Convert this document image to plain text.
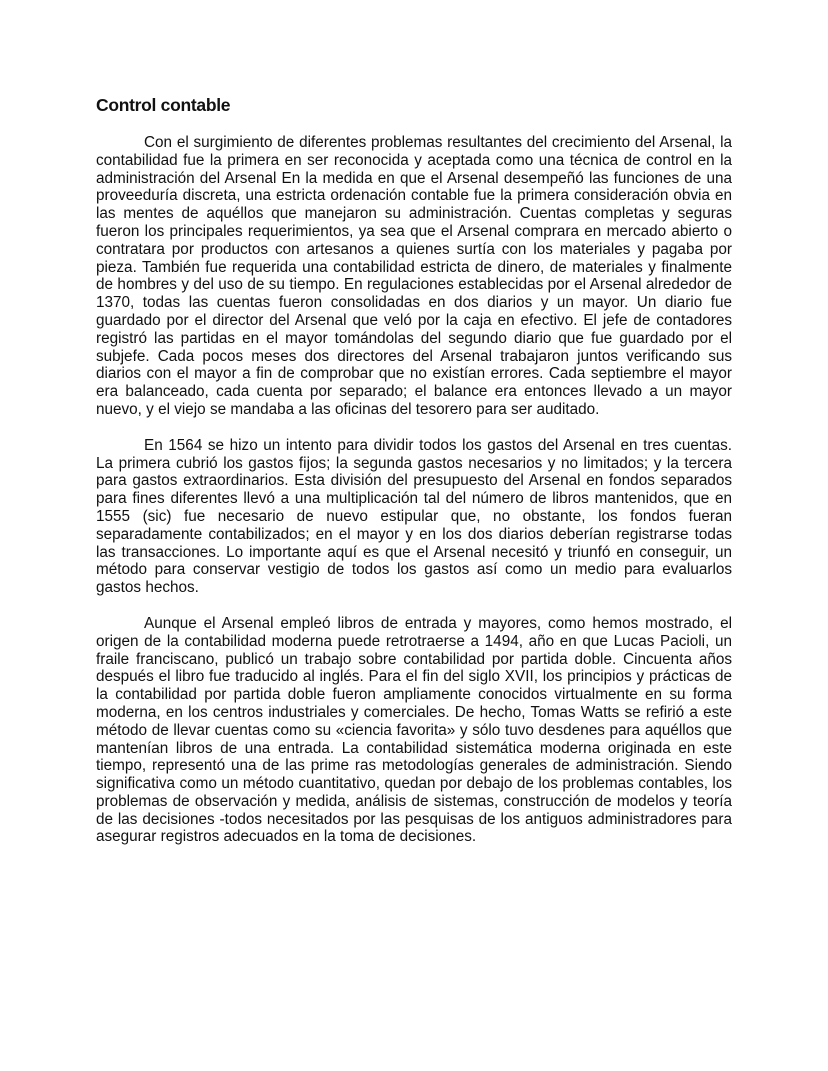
Control contable

Con el surgimiento de diferentes problemas resultantes del crecimiento del Arsenal, la contabilidad fue la primera en ser reconocida y aceptada como una técnica de control en la administración del Arsenal En la medida en que el Arsenal desempeñó las funciones de una proveeduría discreta, una estricta ordenación contable fue la primera consideración obvia en las mentes de aquéllos que manejaron su administración. Cuentas completas y seguras fueron los principales requerimientos, ya sea que el Arsenal comprara en mercado abierto o contratara por productos con artesanos a quienes surtía con los materiales y pagaba por pieza. También fue requerida una contabilidad estricta de dinero, de materiales y finalmente de hombres y del uso de su tiempo. En regulaciones establecidas por el Arsenal alrededor de 1370, todas las cuentas fueron consolidadas en dos diarios y un mayor. Un diario fue guardado por el director del Arsenal que veló por la caja en efectivo. El jefe de contadores registró las partidas en el mayor tomándolas del segundo diario que fue guardado por el subjefe. Cada pocos meses dos directores del Arsenal trabajaron juntos verificando sus diarios con el mayor a fin de comprobar que no existían errores. Cada septiembre el mayor era balanceado, cada cuenta por separado; el balance era entonces llevado a un mayor nuevo, y el viejo se mandaba a las oficinas del tesorero para ser auditado.

En 1564 se hizo un intento para dividir todos los gastos del Arsenal en tres cuentas. La primera cubrió los gastos fijos; la segunda gastos necesarios y no limitados; y la tercera para gastos extraordinarios. Esta división del presupuesto del Arsenal en fondos separados para fines diferentes llevó a una multiplicación tal del número de libros mantenidos, que en 1555 (sic) fue necesario de nuevo estipular que, no obstante, los fondos fueran separadamente contabilizados; en el mayor y en los dos diarios deberían registrarse todas las transacciones. Lo importante aquí es que el Arsenal necesitó y triunfó en conseguir, un método para conservar vestigio de todos los gastos así como un medio para evaluarlos gastos hechos.

Aunque el Arsenal empleó libros de entrada y mayores, como hemos mostrado, el origen de la contabilidad moderna puede retrotraerse a 1494, año en que Lucas Pacioli, un fraile franciscano, publicó un trabajo sobre contabilidad por partida doble. Cincuenta años después el libro fue traducido al inglés. Para el fin del siglo XVII, los principios y prácticas de la contabilidad por partida doble fueron ampliamente conocidos virtualmente en su forma moderna, en los centros industriales y comerciales. De hecho, Tomas Watts se refirió a este método de llevar cuentas como su «ciencia favorita» y sólo tuvo desdenes para aquéllos que mantenían libros de una entrada. La contabilidad sistemática moderna originada en este tiempo, representó una de las prime ras metodologías generales de administración. Siendo significativa como un método cuantitativo, quedan por debajo de los problemas contables, los problemas de observación y medida, análisis de sistemas, construcción de modelos y teoría de las decisiones -todos necesitados por las pesquisas de los antiguos administradores para asegurar registros adecuados en la toma de decisiones.
